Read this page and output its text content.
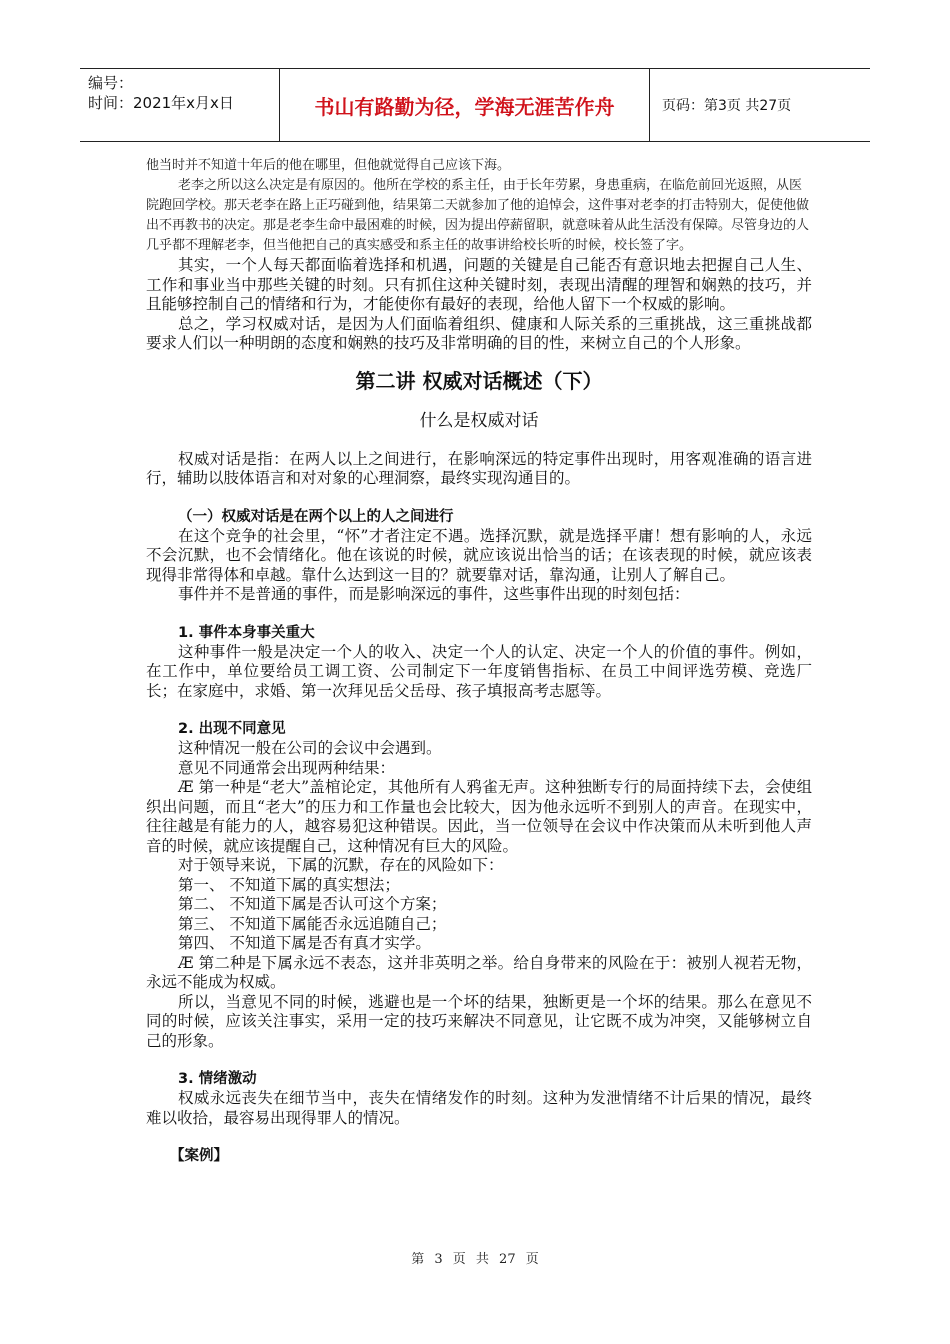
编号：
时间：2021年x月x日	书山有路勤为径，学海无涯苦作舟	页码：第3页 共27页

他当时并不知道十年后的他在哪里，但他就觉得自己应该下海。

老李之所以这么决定是有原因的。他所在学校的系主任，由于长年劳累，身患重病，在临危前回光返照，从医院跑回学校。那天老李在路上正巧碰到他，结果第二天就参加了他的追悼会，这件事对老李的打击特别大，促使他做出不再教书的决定。那是老李生命中最困难的时候，因为提出停薪留职，就意味着从此生活没有保障。尽管身边的人几乎都不理解老李，但当他把自己的真实感受和系主任的故事讲给校长听的时候，校长签了字。

其实，一个人每天都面临着选择和机遇，问题的关键是自己能否有意识地去把握自己人生、工作和事业当中那些关键的时刻。只有抓住这种关键时刻，表现出清醒的理智和娴熟的技巧，并且能够控制自己的情绪和行为，才能使你有最好的表现，给他人留下一个权威的影响。

总之，学习权威对话，是因为人们面临着组织、健康和人际关系的三重挑战，这三重挑战都要求人们以一种明朗的态度和娴熟的技巧及非常明确的目的性，来树立自己的个人形象。

第二讲 权威对话概述（下）
什么是权威对话

权威对话是指：在两人以上之间进行，在影响深远的特定事件出现时，用客观准确的语言进行，辅助以肢体语言和对对象的心理洞察，最终实现沟通目的。

（一）权威对话是在两个以上的人之间进行

在这个竞争的社会里，“怀”才者注定不遇。选择沉默，就是选择平庸！想有影响的人，永远不会沉默，也不会情绪化。他在该说的时候，就应该说出恰当的话；在该表现的时候，就应该表现得非常得体和卓越。靠什么达到这一目的？就要靠对话，靠沟通，让别人了解自己。

事件并不是普通的事件，而是影响深远的事件，这些事件出现的时刻包括：

1. 事件本身事关重大

这种事件一般是决定一个人的收入、决定一个人的认定、决定一个人的价值的事件。例如，在工作中，单位要给员工调工资、公司制定下一年度销售指标、在员工中间评选劳模、竞选厂长；在家庭中，求婚、第一次拜见岳父岳母、孩子填报高考志愿等。

2. 出现不同意见

这种情况一般在公司的会议中会遇到。

意见不同通常会出现两种结果：

Æ 第一种是“老大”盖棺论定，其他所有人鸦雀无声。这种独断专行的局面持续下去，会使组织出问题，而且“老大”的压力和工作量也会比较大，因为他永远听不到别人的声音。在现实中，往往越是有能力的人，越容易犯这种错误。因此，当一位领导在会议中作决策而从未听到他人声音的时候，就应该提醒自己，这种情况有巨大的风险。

对于领导来说，下属的沉默，存在的风险如下：

第一、 不知道下属的真实想法；

第二、 不知道下属是否认可这个方案；

第三、 不知道下属能否永远追随自己；

第四、 不知道下属是否有真才实学。

Æ 第二种是下属永远不表态，这并非英明之举。给自身带来的风险在于：被别人视若无物，永远不能成为权威。

所以，当意见不同的时候，逃避也是一个坏的结果，独断更是一个坏的结果。那么在意见不同的时候，应该关注事实，采用一定的技巧来解决不同意见，让它既不成为冲突，又能够树立自己的形象。

3. 情绪激动

权威永远丧失在细节当中，丧失在情绪发作的时刻。这种为发泄情绪不计后果的情况，最终难以收拾，最容易出现得罪人的情况。

【案例】

第 3 页 共 27 页
